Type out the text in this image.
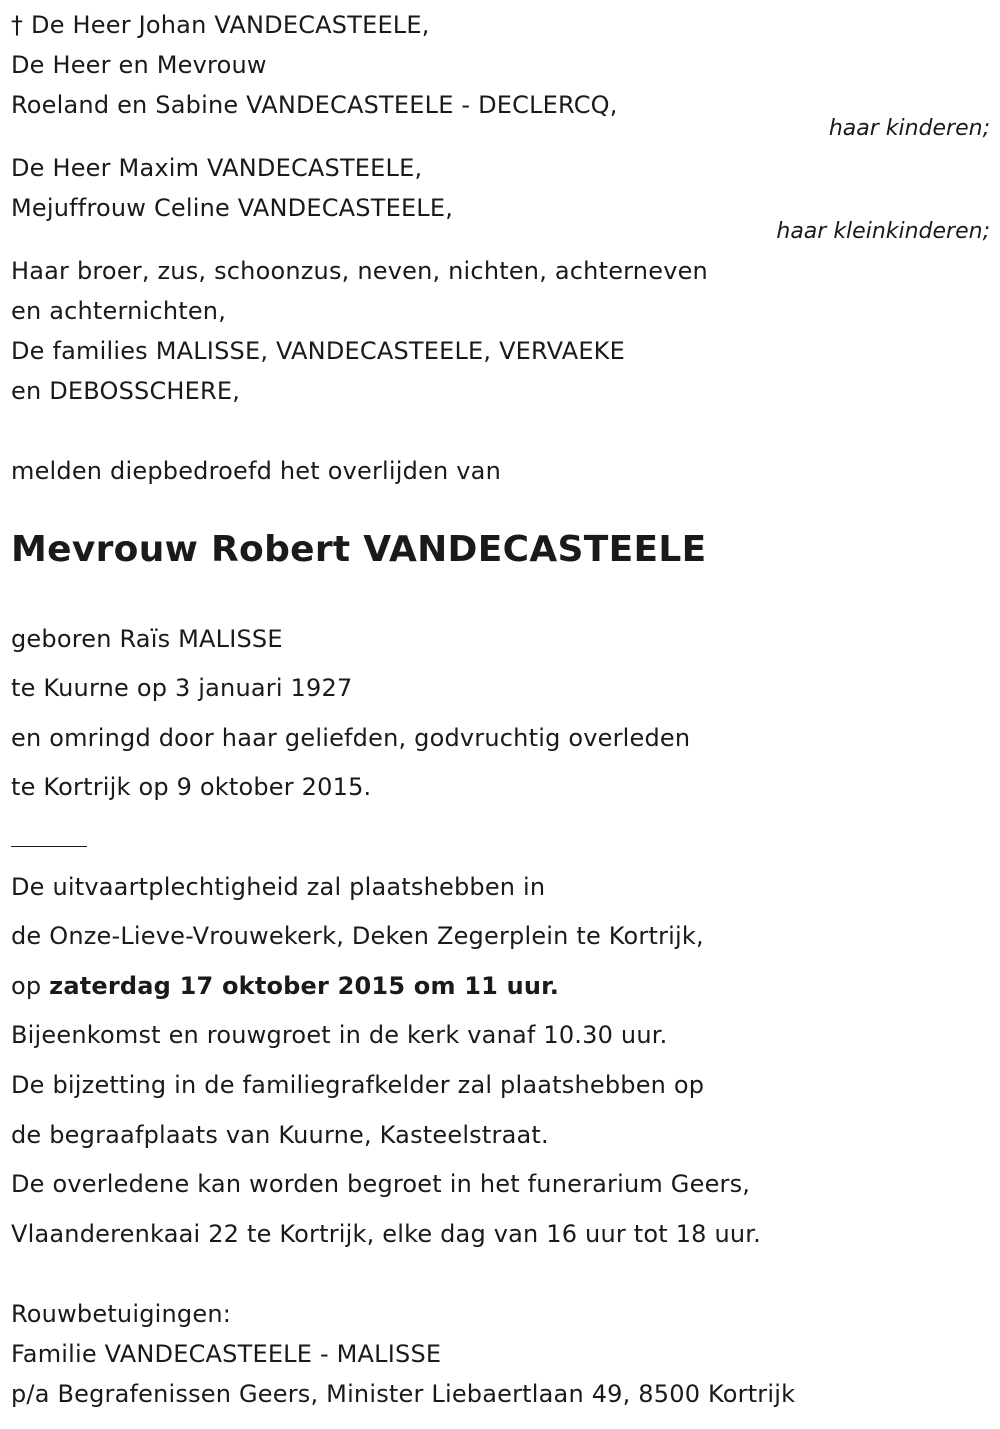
† De Heer Johan VANDECASTEELE,
De Heer en Mevrouw
Roeland en Sabine VANDECASTEELE - DECLERCQ,
haar kinderen;
De Heer Maxim VANDECASTEELE,
Mejuffrouw Celine VANDECASTEELE,
haar kleinkinderen;
Haar broer, zus, schoonzus, neven, nichten, achterneven
en achternichten,
De families MALISSE, VANDECASTEELE, VERVAEKE
en DEBOSSCHERE,
melden diepbedroefd het overlijden van
Mevrouw Robert VANDECASTEELE
geboren Raïs MALISSE
te Kuurne op 3 januari 1927
en omringd door haar geliefden, godvruchtig overleden
te Kortrijk op 9 oktober 2015.
De uitvaartplechtigheid zal plaatshebben in
de Onze-Lieve-Vrouwekerk, Deken Zegerplein te Kortrijk,
op zaterdag 17 oktober 2015 om 11 uur.
Bijeenkomst en rouwgroet in de kerk vanaf 10.30 uur.
De bijzetting in de familiegrafkelder zal plaatshebben op
de begraafplaats van Kuurne, Kasteelstraat.
De overledene kan worden begroet in het funerarium Geers,
Vlaanderenkaai 22 te Kortrijk, elke dag van 16 uur tot 18 uur.
Rouwbetuigingen:
Familie VANDECASTEELE - MALISSE
p/a Begrafenissen Geers, Minister Liebaertlaan 49, 8500 Kortrijk
